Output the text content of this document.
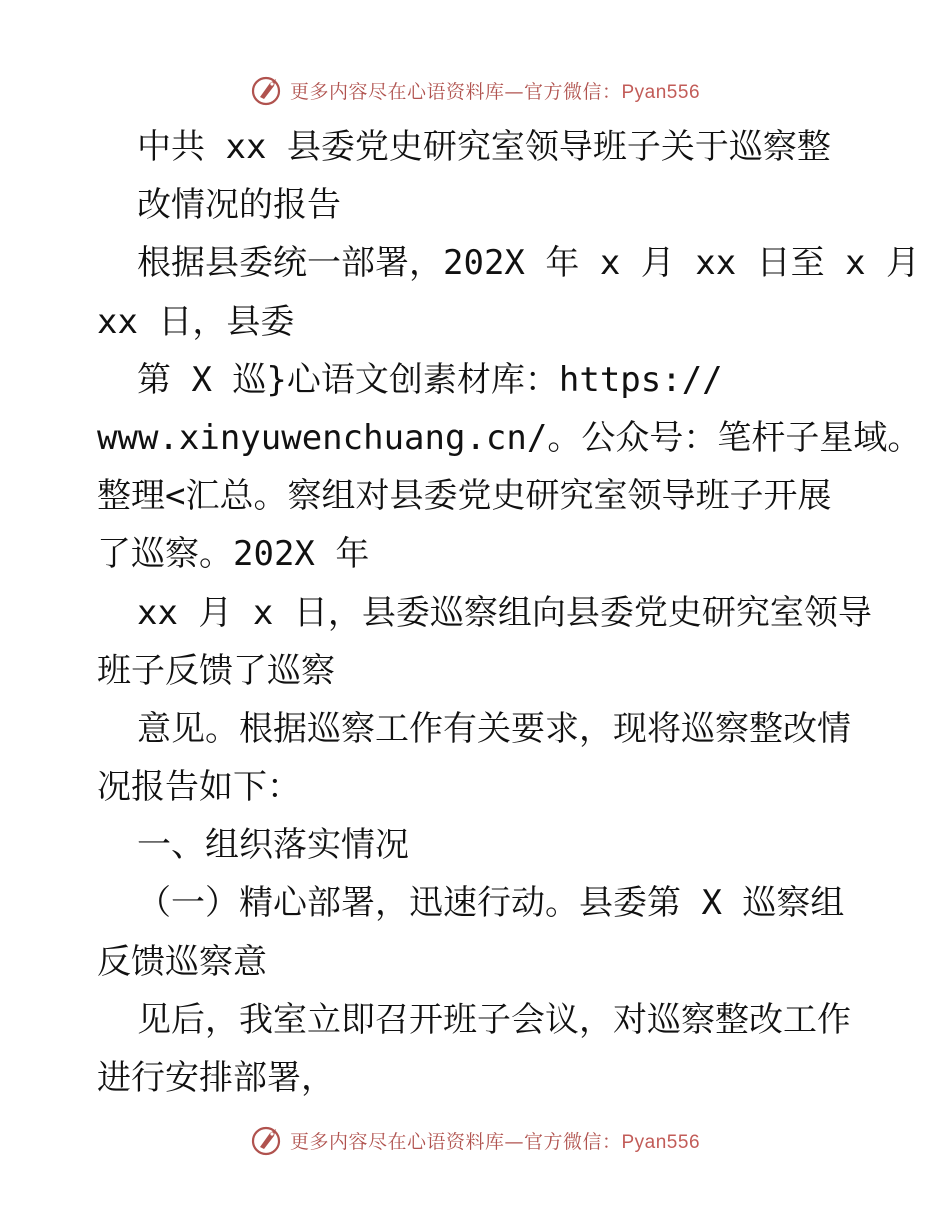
更多内容尽在心语资料库—官方微信：Pyan556
中共 xx 县委党史研究室领导班子关于巡察整
改情况的报告
根据县委统一部署，202X 年 x 月 xx 日至 x 月
xx 日，县委
第 X 巡}心语文创素材库：https://
www.xinyuwenchuang.cn/。公众号：笔杆子星域。
整理<汇总。察组对县委党史研究室领导班子开展
了巡察。202X 年
xx 月 x 日，县委巡察组向县委党史研究室领导
班子反馈了巡察
意见。根据巡察工作有关要求，现将巡察整改情
况报告如下：
一、组织落实情况
（一）精心部署，迅速行动。县委第 X 巡察组
反馈巡察意
见后，我室立即召开班子会议，对巡察整改工作
进行安排部署，
更多内容尽在心语资料库—官方微信：Pyan556
